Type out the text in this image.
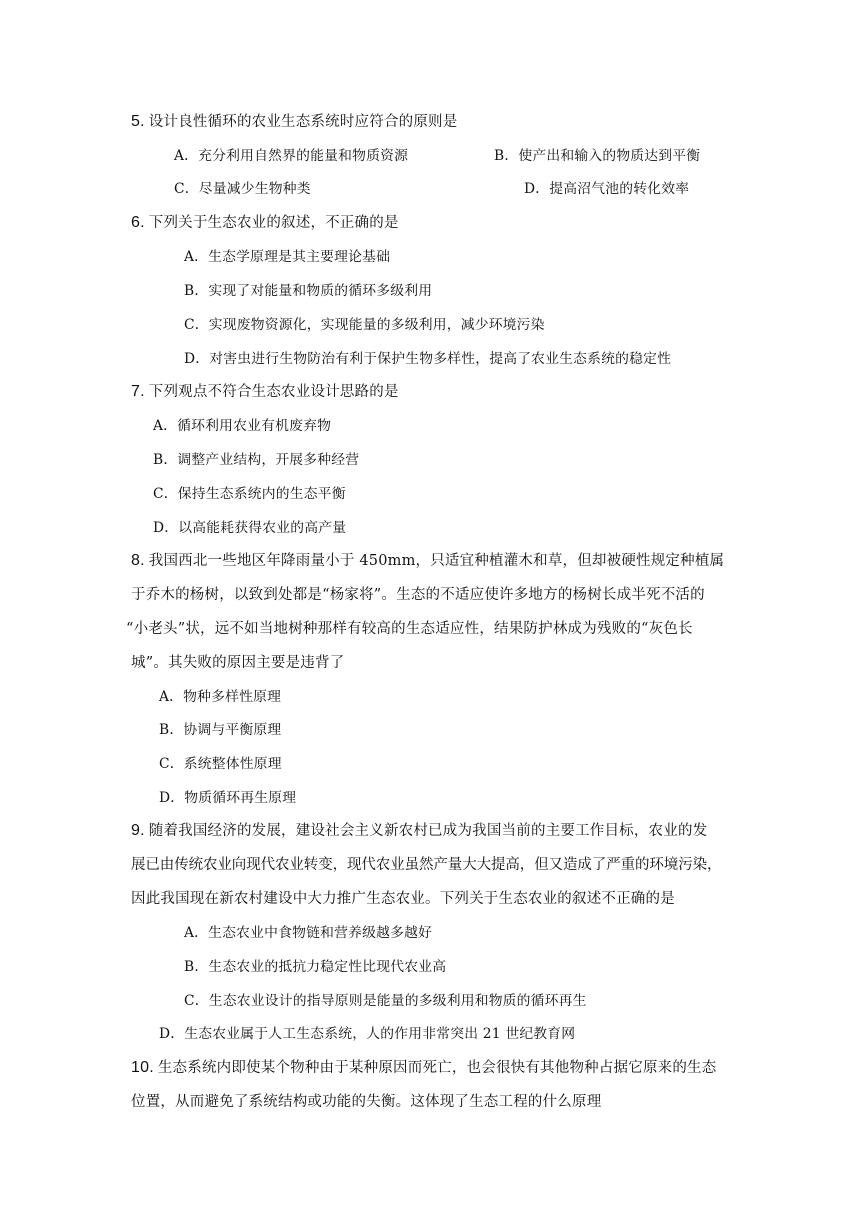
5. 设计良性循环的农业生态系统时应符合的原则是
A．充分利用自然界的能量和物质资源	B．使产出和输入的物质达到平衡
C．尽量减少生物种类	D．提高沼气池的转化效率
6. 下列关于生态农业的叙述，不正确的是
A．生态学原理是其主要理论基础
B．实现了对能量和物质的循环多级利用
C．实现废物资源化，实现能量的多级利用，减少环境污染
D．对害虫进行生物防治有利于保护生物多样性，提高了农业生态系统的稳定性
7. 下列观点不符合生态农业设计思路的是
A．循环利用农业有机废弃物
B．调整产业结构，开展多种经营
C．保持生态系统内的生态平衡
D．以高能耗获得农业的高产量
8. 我国西北一些地区年降雨量小于 450mm，只适宜种植灌木和草，但却被硬性规定种植属
于乔木的杨树，以致到处都是“杨家将”。生态的不适应使许多地方的杨树长成半死不活的
“小老头”状，远不如当地树种那样有较高的生态适应性，结果防护林成为残败的“灰色长
城”。其失败的原因主要是违背了
A．物种多样性原理
B．协调与平衡原理
C．系统整体性原理
D．物质循环再生原理
9. 随着我国经济的发展，建设社会主义新农村已成为我国当前的主要工作目标，农业的发
展已由传统农业向现代农业转变，现代农业虽然产量大大提高，但又造成了严重的环境污染，
因此我国现在新农村建设中大力推广生态农业。下列关于生态农业的叙述不正确的是
A．生态农业中食物链和营养级越多越好
B．生态农业的抵抗力稳定性比现代农业高
C．生态农业设计的指导原则是能量的多级利用和物质的循环再生
D．生态农业属于人工生态系统，人的作用非常突出 21 世纪教育网
10. 生态系统内即使某个物种由于某种原因而死亡，也会很快有其他物种占据它原来的生态
位置，从而避免了系统结构或功能的失衡。这体现了生态工程的什么原理
